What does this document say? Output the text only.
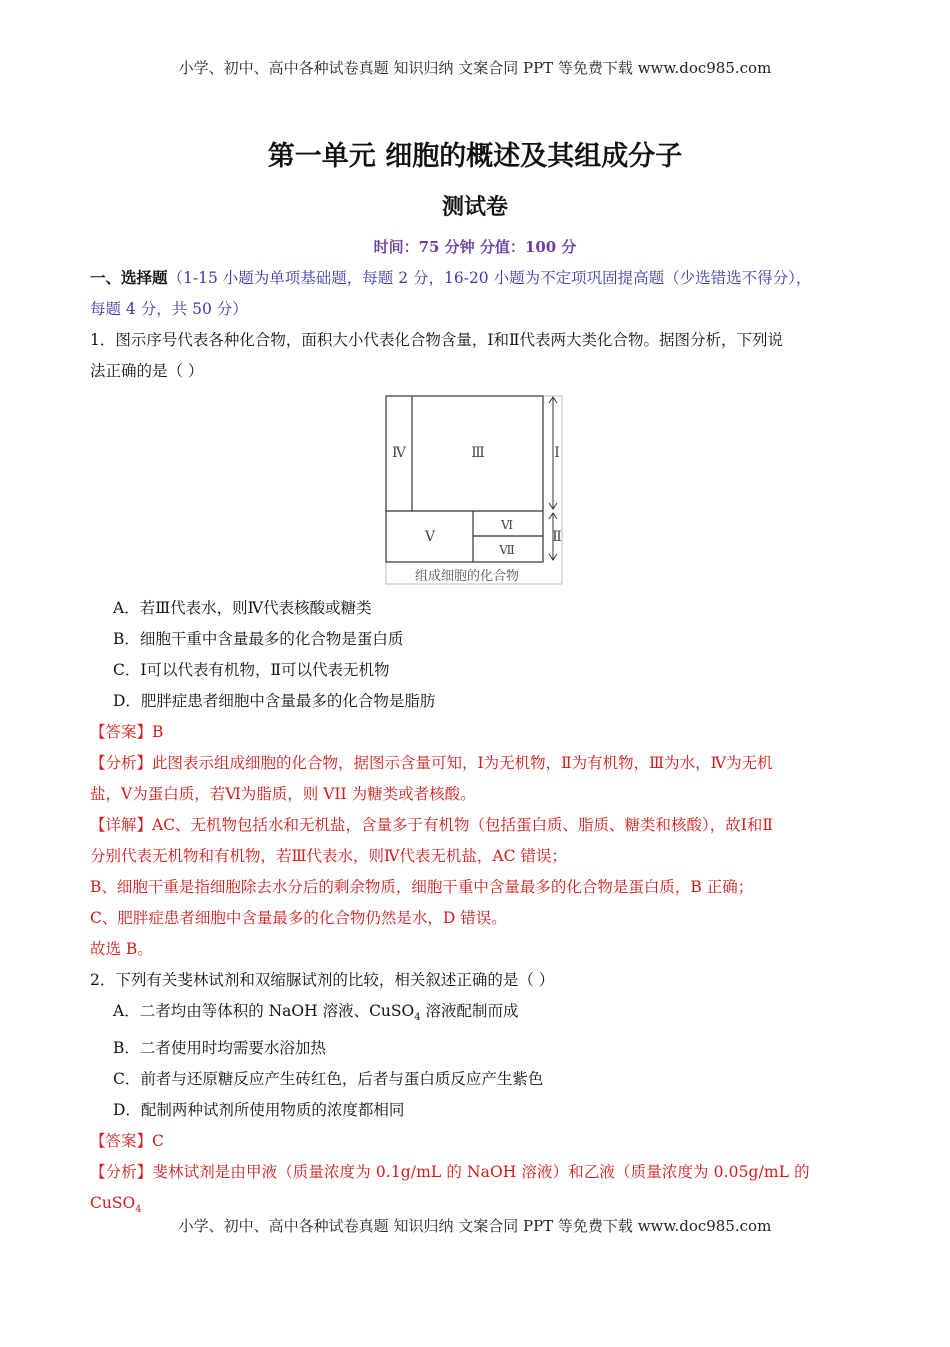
小学、初中、高中各种试卷真题 知识归纳 文案合同 PPT 等免费下载 www.doc985.com
第一单元 细胞的概述及其组成分子
测试卷
时间：75 分钟 分值：100 分

一、选择题（1-15 小题为单项基础题，每题 2 分，16-20 小题为不定项巩固提高题（少选错选不得分），

每题 4 分，共 50 分）

1．图示序号代表各种化合物，面积大小代表化合物含量，Ⅰ和Ⅱ代表两大类化合物。据图分析，下列说

法正确的是（ ）

Ⅳ	Ⅲ	Ⅰ
Ⅴ
Ⅵ
Ⅶ
Ⅱ
组成细胞的化合物

A．若Ⅲ代表水，则Ⅳ代表核酸或糖类

B．细胞干重中含量最多的化合物是蛋白质

C．Ⅰ可以代表有机物，Ⅱ可以代表无机物

D．肥胖症患者细胞中含量最多的化合物是脂肪

【答案】B

【分析】此图表示组成细胞的化合物，据图示含量可知，Ⅰ为无机物，Ⅱ为有机物，Ⅲ为水，Ⅳ为无机

盐，Ⅴ为蛋白质，若Ⅵ为脂质，则 VII 为糖类或者核酸。

【详解】AC、无机物包括水和无机盐，含量多于有机物（包括蛋白质、脂质、糖类和核酸），故Ⅰ和Ⅱ

分别代表无机物和有机物，若Ⅲ代表水，则Ⅳ代表无机盐，AC 错误；

B、细胞干重是指细胞除去水分后的剩余物质，细胞干重中含量最多的化合物是蛋白质，B 正确；

C、肥胖症患者细胞中含量最多的化合物仍然是水，D 错误。

故选 B。

2．下列有关斐林试剂和双缩脲试剂的比较，相关叙述正确的是（ ）

A．二者均由等体积的 NaOH 溶液、CuSO$_4$ 溶液配制而成

B．二者使用时均需要水浴加热

C．前者与还原糖反应产生砖红色，后者与蛋白质反应产生紫色

D．配制两种试剂所使用物质的浓度都相同

【答案】C

【分析】斐林试剂是由甲液（质量浓度为 0.1g/mL 的 NaOH 溶液）和乙液（质量浓度为 0.05g/mL 的

CuSO$_4$

小学、初中、高中各种试卷真题 知识归纳 文案合同 PPT 等免费下载 www.doc985.com
